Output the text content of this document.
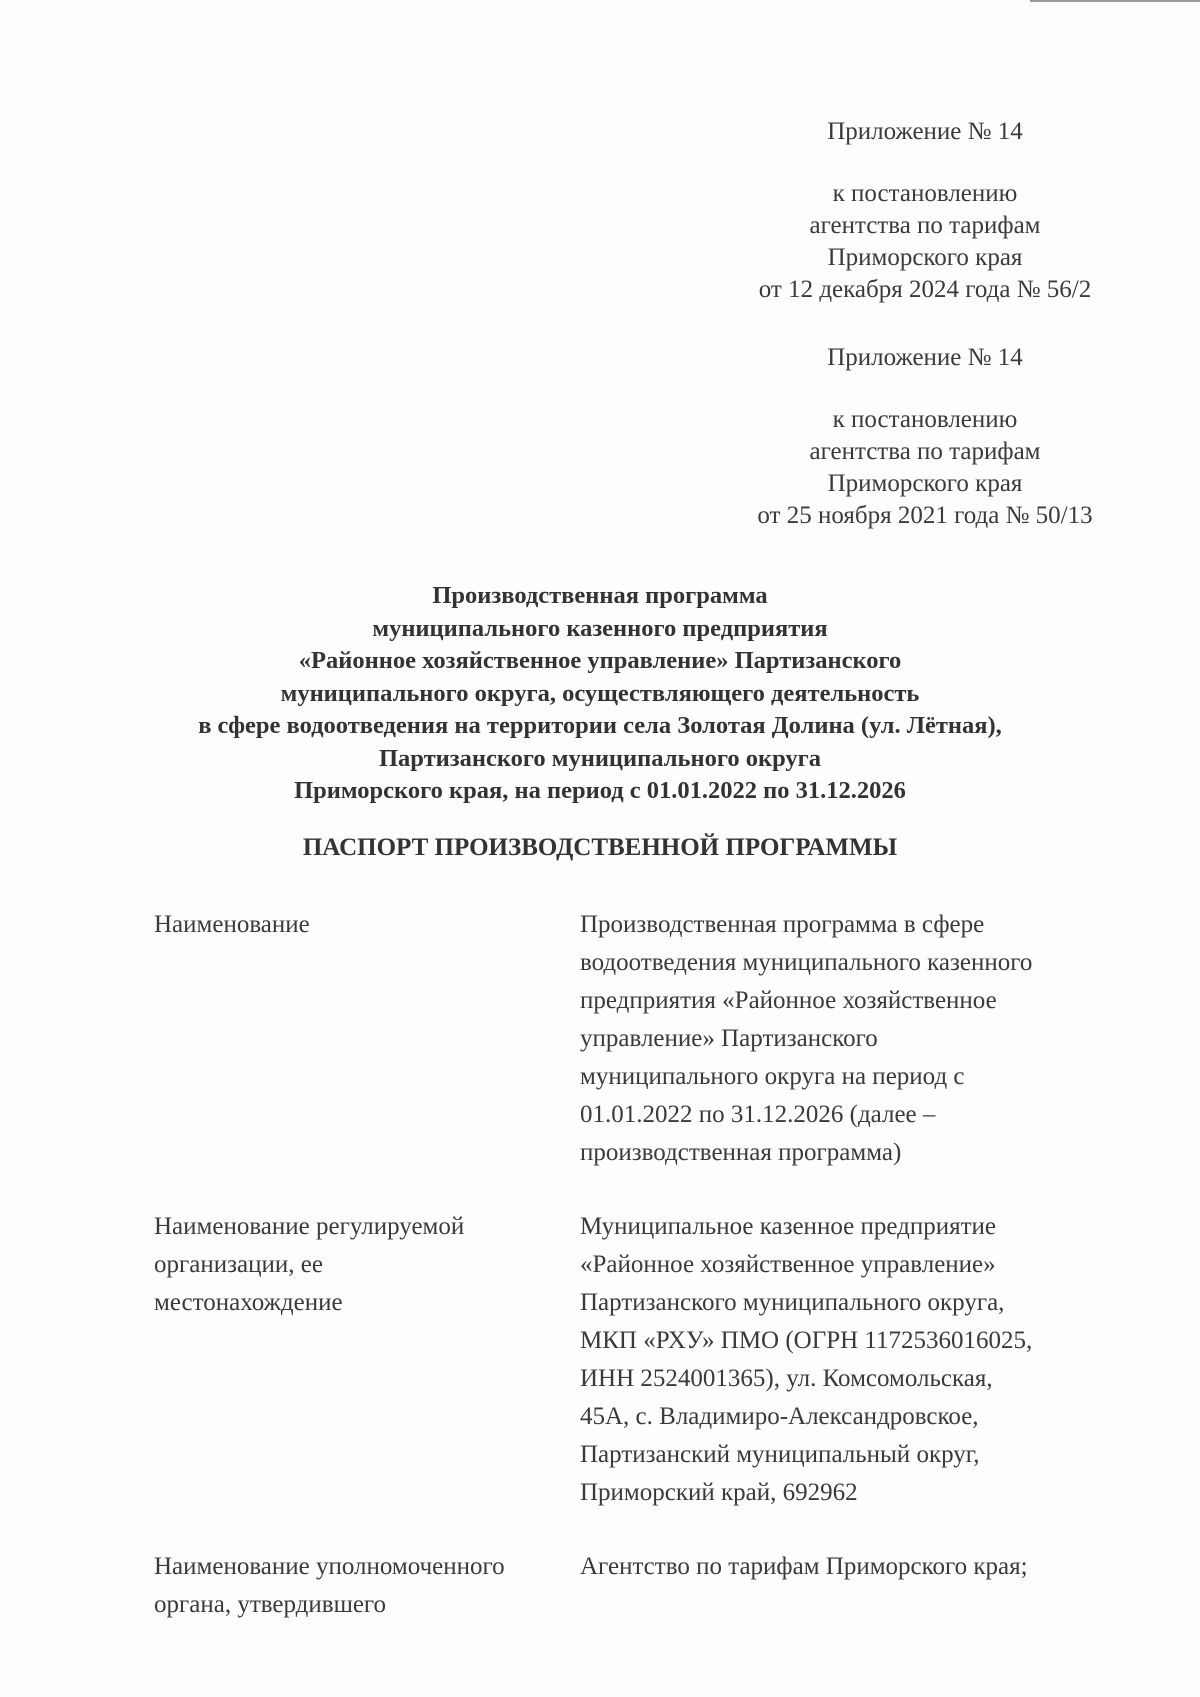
Приложение № 14
к постановлению
агентства по тарифам
Приморского края
от 12 декабря 2024 года № 56/2
Приложение № 14
к постановлению
агентства по тарифам
Приморского края
от 25 ноября 2021 года № 50/13
Производственная программа
муниципального казенного предприятия
«Районное хозяйственное управление» Партизанского
муниципального округа, осуществляющего деятельность
в сфере водоотведения на территории села Золотая Долина (ул. Лётная),
Партизанского муниципального округа
Приморского края, на период с 01.01.2022 по 31.12.2026
ПАСПОРТ ПРОИЗВОДСТВЕННОЙ ПРОГРАММЫ
Наименование	Производственная программа в сфере
водоотведения муниципального казенного
предприятия «Районное хозяйственное
управление» Партизанского
муниципального округа на период с
01.01.2022 по 31.12.2026 (далее –
производственная программа)
Наименование регулируемой
организации, ее
местонахождение
Муниципальное казенное предприятие
«Районное хозяйственное управление»
Партизанского муниципального округа,
МКП «РХУ» ПМО (ОГРН 1172536016025,
ИНН 2524001365), ул. Комсомольская,
45А, с. Владимиро-Александровское,
Партизанский муниципальный округ,
Приморский край, 692962
Наименование уполномоченного
органа, утвердившего
Агентство по тарифам Приморского края;
